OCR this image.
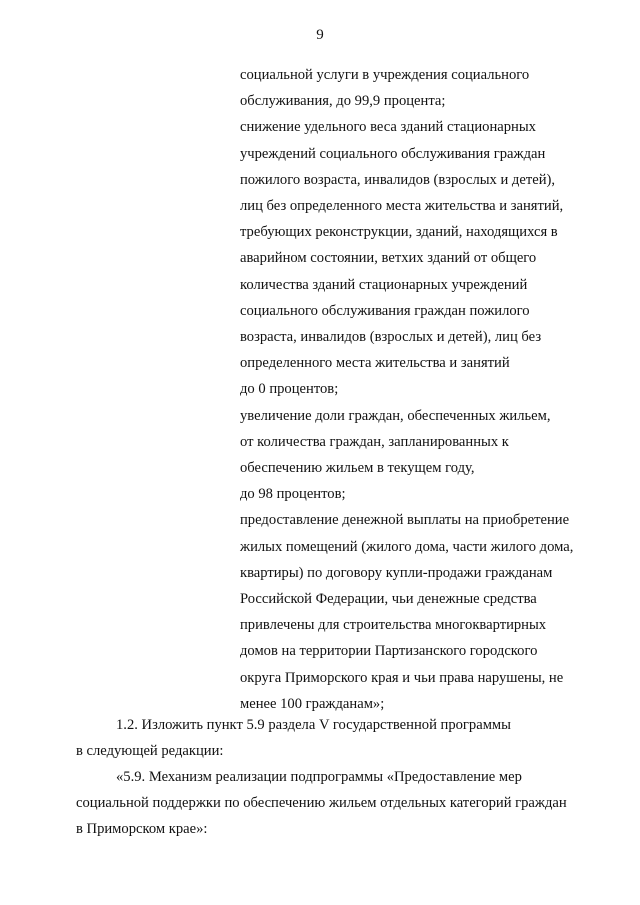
9

социальной услуги в учреждения социального
обслуживания, до 99,9 процента;

снижение удельного веса зданий стационарных
учреждений социального обслуживания граждан
пожилого возраста, инвалидов (взрослых и детей),
лиц без определенного места жительства и занятий,
требующих реконструкции, зданий, находящихся в
аварийном состоянии, ветхих зданий от общего
количества зданий стационарных учреждений
социального обслуживания граждан пожилого
возраста, инвалидов (взрослых и детей), лиц без
определенного места жительства и занятий
до 0 процентов;

увеличение доли граждан, обеспеченных жильем,
от количества граждан, запланированных к
обеспечению жильем в текущем году,
до 98 процентов;

предоставление денежной выплаты на приобретение
жилых помещений (жилого дома, части жилого дома,
квартиры) по договору купли-продажи гражданам
Российской Федерации, чьи денежные средства
привлечены для строительства многоквартирных
домов на территории Партизанского городского
округа Приморского края и чьи права нарушены, не
менее 100 гражданам»;

1.2. Изложить пункт 5.9 раздела V государственной программы
в следующей редакции:

«5.9. Механизм реализации подпрограммы «Предоставление мер
социальной поддержки по обеспечению жильем отдельных категорий граждан
в Приморском крае»:
